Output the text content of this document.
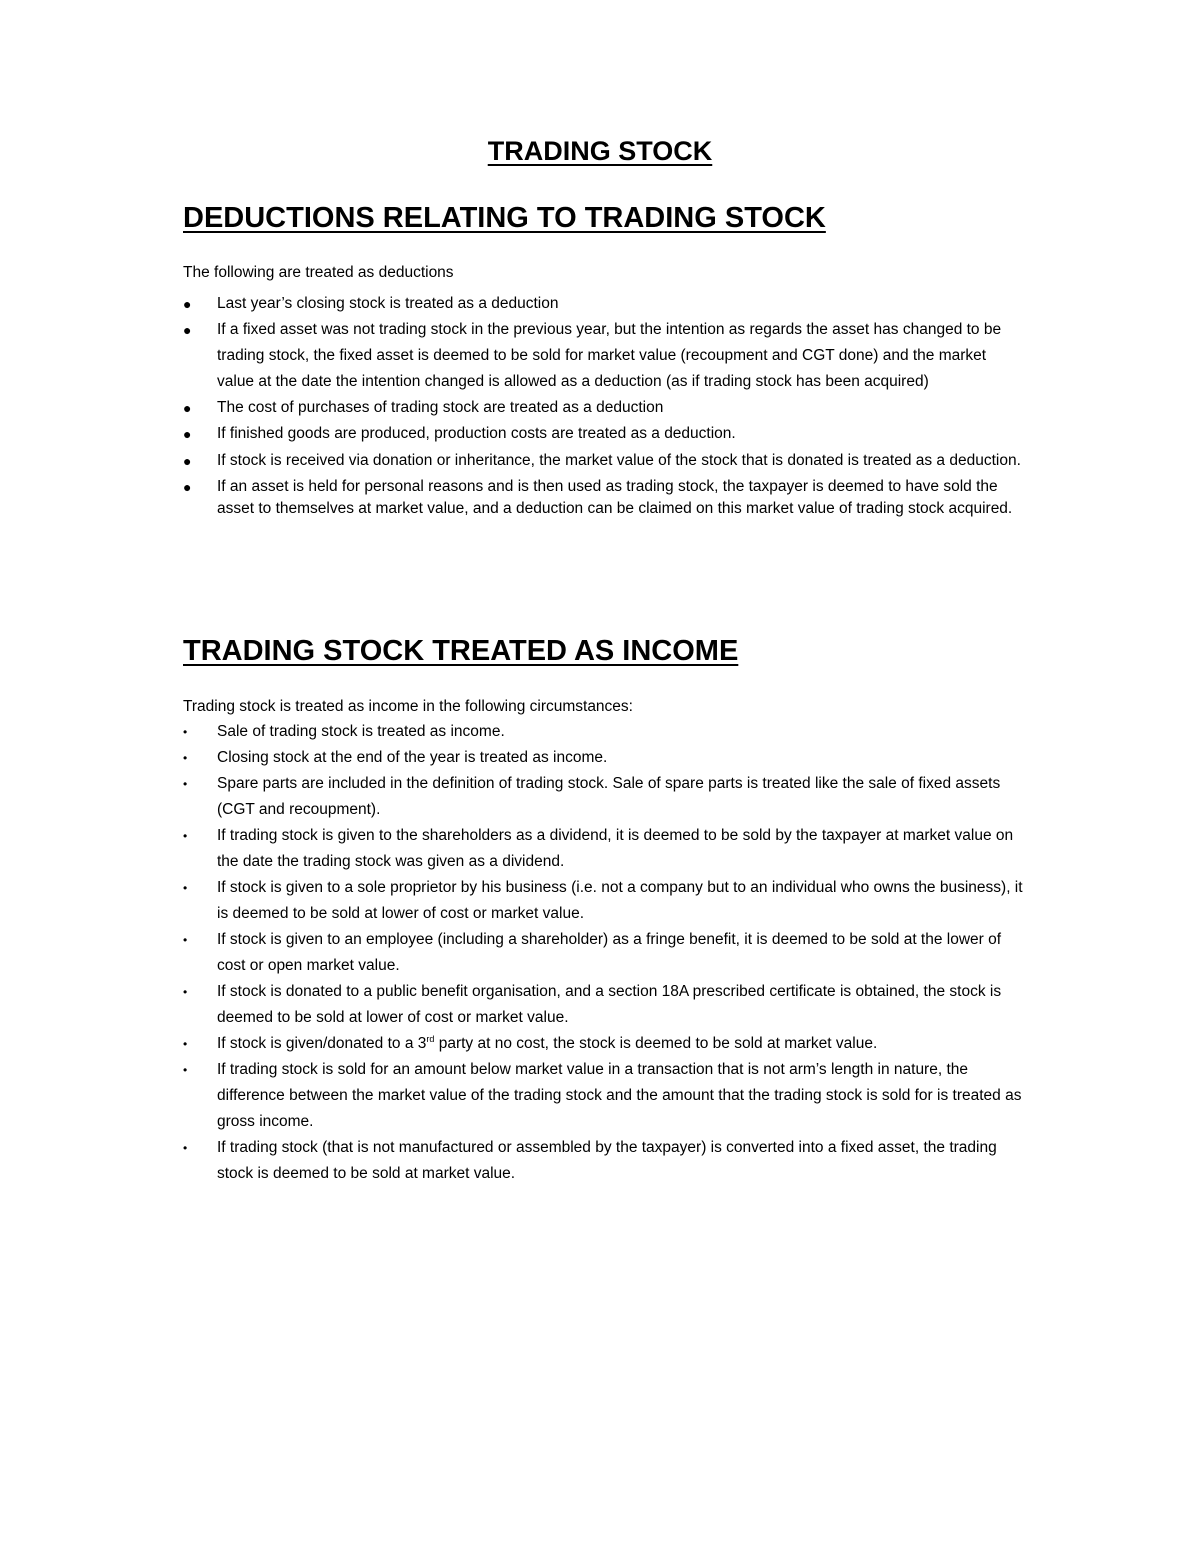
TRADING STOCK
DEDUCTIONS RELATING TO TRADING STOCK

The following are treated as deductions

● Last year’s closing stock is treated as a deduction
● If a fixed asset was not trading stock in the previous year, but the intention as regards the asset has changed to be trading stock, the fixed asset is deemed to be sold for market value (recoupment and CGT done) and the market value at the date the intention changed is allowed as a deduction (as if trading stock has been acquired)
● The cost of purchases of trading stock are treated as a deduction
● If finished goods are produced, production costs are treated as a deduction.
● If stock is received via donation or inheritance, the market value of the stock that is donated is treated as a deduction.
● If an asset is held for personal reasons and is then used as trading stock, the taxpayer is deemed to have sold the asset to themselves at market value, and a deduction can be claimed on this market value of trading stock acquired.
TRADING STOCK TREATED AS INCOME

Trading stock is treated as income in the following circumstances:

• Sale of trading stock is treated as income.
• Closing stock at the end of the year is treated as income.
• Spare parts are included in the definition of trading stock. Sale of spare parts is treated like the sale of fixed assets (CGT and recoupment).
• If trading stock is given to the shareholders as a dividend, it is deemed to be sold by the taxpayer at market value on the date the trading stock was given as a dividend.
• If stock is given to a sole proprietor by his business (i.e. not a company but to an individual who owns the business), it is deemed to be sold at lower of cost or market value.
• If stock is given to an employee (including a shareholder) as a fringe benefit, it is deemed to be sold at the lower of cost or open market value.
• If stock is donated to a public benefit organisation, and a section 18A prescribed certificate is obtained, the stock is deemed to be sold at lower of cost or market value.
• If stock is given/donated to a 3rd party at no cost, the stock is deemed to be sold at market value.
• If trading stock is sold for an amount below market value in a transaction that is not arm’s length in nature, the difference between the market value of the trading stock and the amount that the trading stock is sold for is treated as gross income.
• If trading stock (that is not manufactured or assembled by the taxpayer) is converted into a fixed asset, the trading stock is deemed to be sold at market value.
